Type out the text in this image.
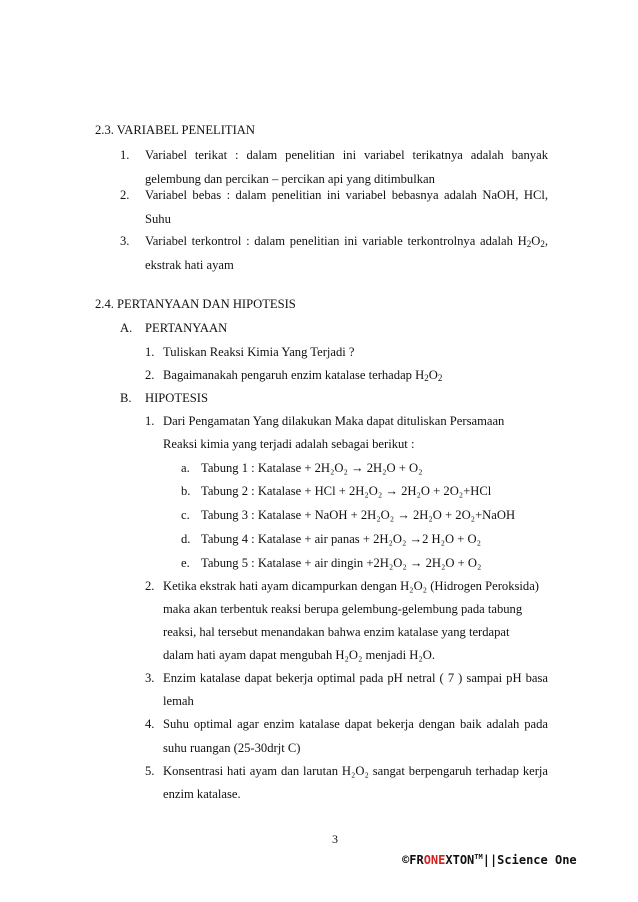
2.3. VARIABEL PENELITIAN
1. Variabel terikat : dalam penelitian ini variabel terikatnya adalah banyak
gelembung dan percikan – percikan api yang ditimbulkan
2. Variabel bebas : dalam penelitian ini variabel bebasnya adalah NaOH, HCl,
Suhu
3. Variabel terkontrol : dalam penelitian ini variable terkontrolnya adalah H $_2$ O $_2$ ,
ekstrak hati ayam
2.4. PERTANYAAN DAN HIPOTESIS
A. PERTANYAAN
1. Tuliskan Reaksi Kimia Yang Terjadi ?
2. Bagaimanakah pengaruh enzim katalase terhadap $H_2O_2$
B. HIPOTESIS
1. Dari Pengamatan Yang dilakukan Maka dapat dituliskan Persamaan
Reaksi kimia yang terjadi adalah sebagai berikut :
a. Tabung 1 : Katalase + 2H₂O₂ → 2H₂O + O₂
b. Tabung 2 : Katalase + HCl + 2H₂O₂ → 2H₂O + 2O₂+HCl
c. Tabung 3 : Katalase + NaOH + 2H₂O₂ → 2H₂O + 2O₂+NaOH
d. Tabung 4 : Katalase + air panas + 2H₂O₂ →2 H₂O + O₂
e. Tabung 5 : Katalase + air dingin +2H₂O₂ → 2H₂O + O₂
2. Ketika ekstrak hati ayam dicampurkan dengan H₂O₂ (Hidrogen Peroksida)
maka akan terbentuk reaksi berupa gelembung-gelembung pada tabung
reaksi, hal tersebut menandakan bahwa enzim katalase yang terdapat
dalam hati ayam dapat mengubah H₂O₂ menjadi H₂O.
3. Enzim katalase dapat bekerja optimal pada pH netral ( 7 ) sampai pH basa
lemah
4. Suhu optimal agar enzim katalase dapat bekerja dengan baik adalah pada
suhu ruangan (25-30drjt C)
5. Konsentrasi hati ayam dan larutan H₂O₂ sangat berpengaruh terhadap kerja
enzim katalase.
3
©FRONEXTON™||Science One
